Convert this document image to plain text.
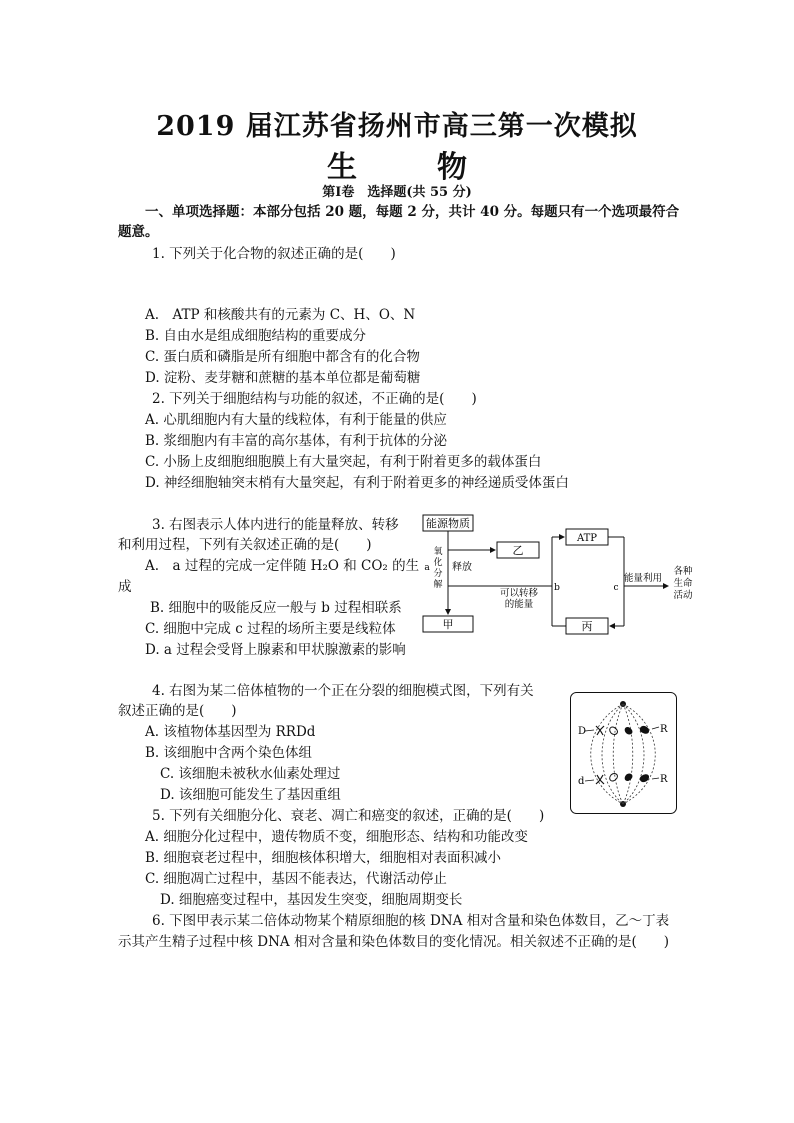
2019 届江苏省扬州市高三第一次模拟
生	物
第Ⅰ卷　选择题(共 55 分)
一、单项选择题：本部分包括 20 题，每题 2 分，共计 40 分。每题只有一个选项最符合
题意。
1. 下列关于化合物的叙述正确的是(　　)
A.　ATP 和核酸共有的元素为 C、H、O、N
B. 自由水是组成细胞结构的重要成分
C. 蛋白质和磷脂是所有细胞中都含有的化合物
D. 淀粉、麦芽糖和蔗糖的基本单位都是葡萄糖
2. 下列关于细胞结构与功能的叙述，不正确的是(　　)
A. 心肌细胞内有大量的线粒体，有利于能量的供应
B. 浆细胞内有丰富的高尔基体，有利于抗体的分泌
C. 小肠上皮细胞细胞膜上有大量突起，有利于附着更多的载体蛋白
D. 神经细胞轴突末梢有大量突起，有利于附着更多的神经递质受体蛋白
3. 右图表示人体内进行的能量释放、转移
和利用过程，下列有关叙述正确的是(　　)
A.　a 过程的完成一定伴随 H₂O 和 CO₂ 的生
成
B. 细胞中的吸能反应一般与 b 过程相联系
C. 细胞中完成 c 过程的场所主要是线粒体
D. a 过程会受肾上腺素和甲状腺激素的影响
能源物质
乙
ATP
甲	丙
氧
化
分
解
a 释放
可以转移
的能量
b	c
能量利用
各种
生命
活动
4. 右图为某二倍体植物的一个正在分裂的细胞模式图，下列有关
叙述正确的是(　　)
A. 该植物体基因型为 RRDd
B. 该细胞中含两个染色体组
C. 该细胞未被秋水仙素处理过
D. 该细胞可能发生了基因重组
D	R
d	R
5. 下列有关细胞分化、衰老、凋亡和癌变的叙述，正确的是(　　)
A. 细胞分化过程中，遗传物质不变，细胞形态、结构和功能改变
B. 细胞衰老过程中，细胞核体积增大，细胞相对表面积减小
C. 细胞凋亡过程中，基因不能表达，代谢活动停止
D. 细胞癌变过程中，基因发生突变，细胞周期变长
6. 下图甲表示某二倍体动物某个精原细胞的核 DNA 相对含量和染色体数目，乙～丁表
示其产生精子过程中核 DNA 相对含量和染色体数目的变化情况。相关叙述不正确的是(　　)
